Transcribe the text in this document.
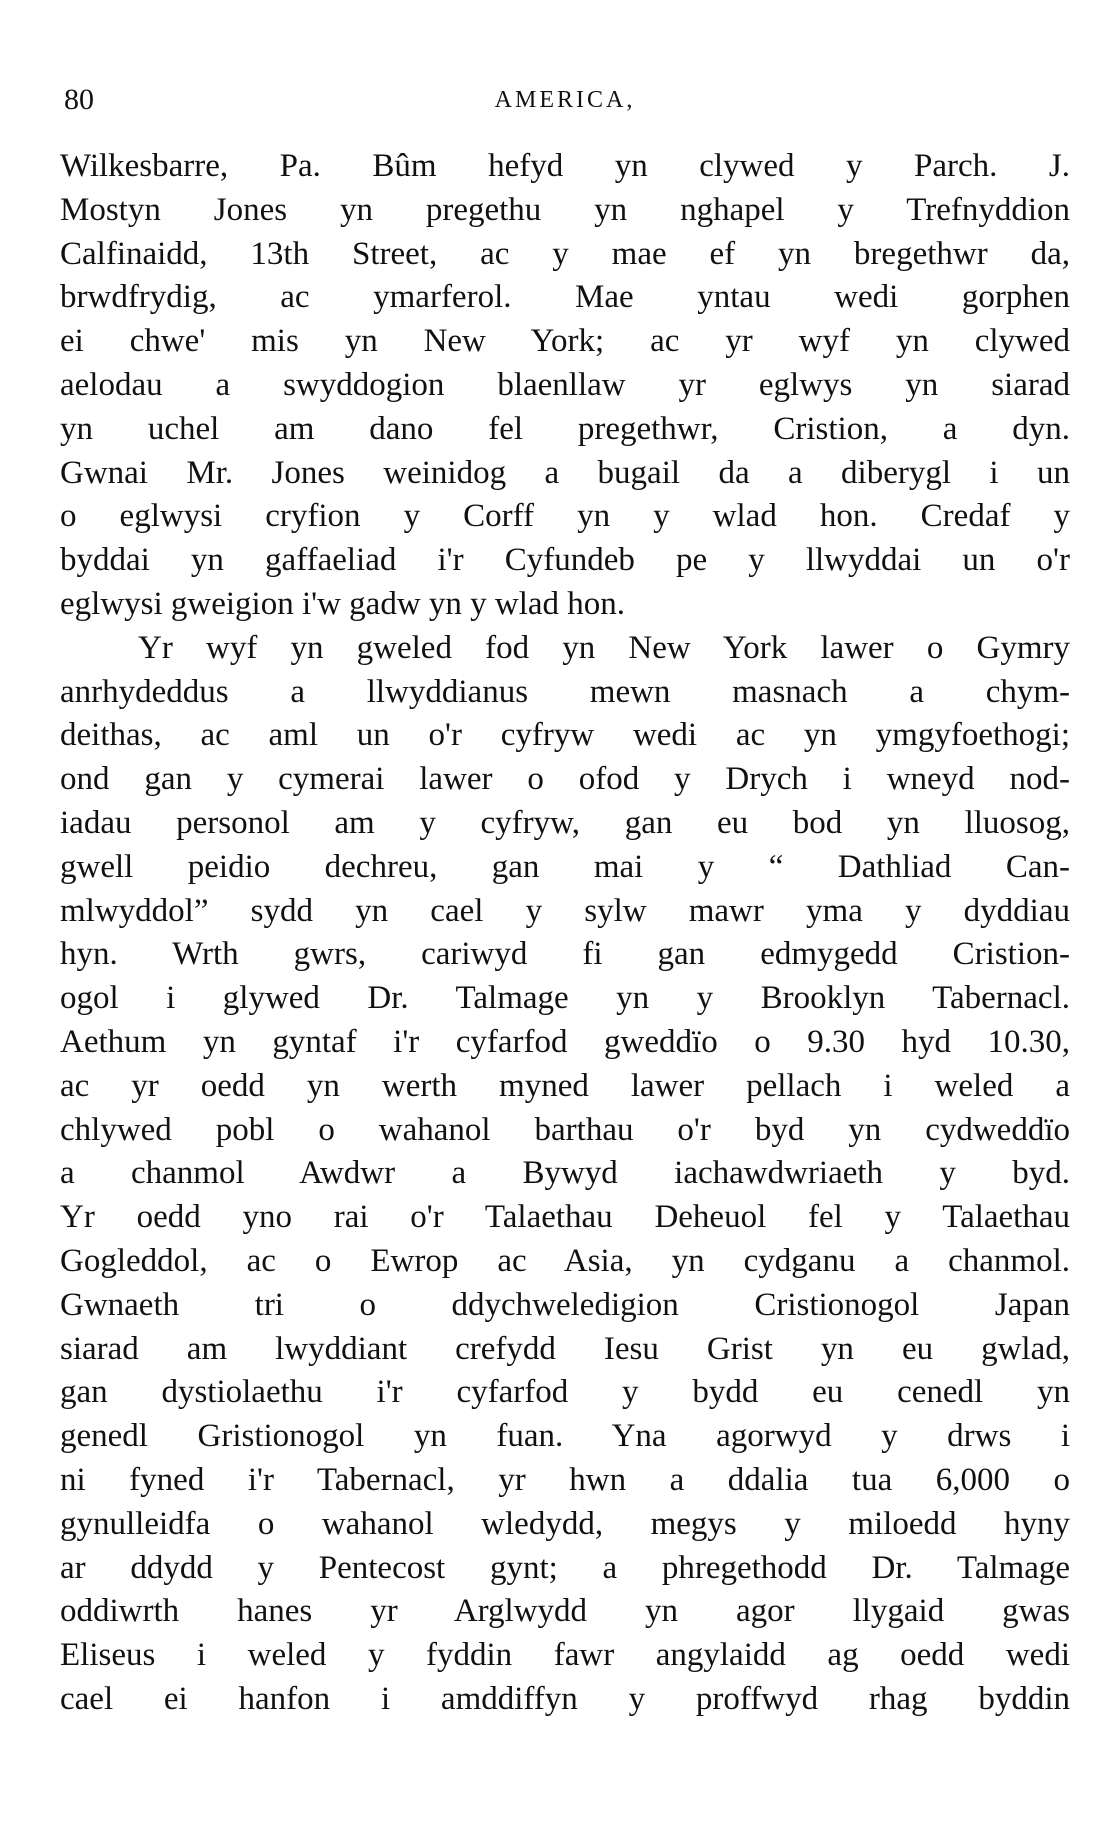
80	AMERICA,
Wilkesbarre, Pa. Bûm hefyd yn clywed y Parch. J.
Mostyn Jones yn pregethu yn nghapel y Trefnyddion
Calfinaidd, 13th Street, ac y mae ef yn bregethwr da,
brwdfrydig, ac ymarferol. Mae yntau wedi gorphen
ei chwe' mis yn New York; ac yr wyf yn clywed
aelodau a swyddogion blaenllaw yr eglwys yn siarad
yn uchel am dano fel pregethwr, Cristion, a dyn.
Gwnai Mr. Jones weinidog a bugail da a diberygl i un
o eglwysi cryfion y Corff yn y wlad hon. Credaf y
byddai yn gaffaeliad i'r Cyfundeb pe y llwyddai un o'r
eglwysi gweigion i'w gadw yn y wlad hon.
Yr wyf yn gweled fod yn New York lawer o Gymry
anrhydeddus a llwyddianus mewn masnach a chym-
deithas, ac aml un o'r cyfryw wedi ac yn ymgyfoethogi;
ond gan y cymerai lawer o ofod y Drych i wneyd nod-
iadau personol am y cyfryw, gan eu bod yn lluosog,
gwell peidio dechreu, gan mai y “ Dathliad Can-
mlwyddol” sydd yn cael y sylw mawr yma y dyddiau
hyn. Wrth gwrs, cariwyd fi gan edmygedd Cristion-
ogol i glywed Dr. Talmage yn y Brooklyn Tabernacl.
Aethum yn gyntaf i'r cyfarfod gweddïo o 9.30 hyd 10.30,
ac yr oedd yn werth myned lawer pellach i weled a
chlywed pobl o wahanol barthau o'r byd yn cydweddïo
a chanmol Awdwr a Bywyd iachawdwriaeth y byd.
Yr oedd yno rai o'r Talaethau Deheuol fel y Talaethau
Gogleddol, ac o Ewrop ac Asia, yn cydganu a chanmol.
Gwnaeth tri o ddychweledigion Cristionogol Japan
siarad am lwyddiant crefydd Iesu Grist yn eu gwlad,
gan dystiolaethu i'r cyfarfod y bydd eu cenedl yn
genedl Gristionogol yn fuan. Yna agorwyd y drws i
ni fyned i'r Tabernacl, yr hwn a ddalia tua 6,000 o
gynulleidfa o wahanol wledydd, megys y miloedd hyny
ar ddydd y Pentecost gynt; a phregethodd Dr. Talmage
oddiwrth hanes yr Arglwydd yn agor llygaid gwas
Eliseus i weled y fyddin fawr angylaidd ag oedd wedi
cael ei hanfon i amddiffyn y proffwyd rhag byddin
